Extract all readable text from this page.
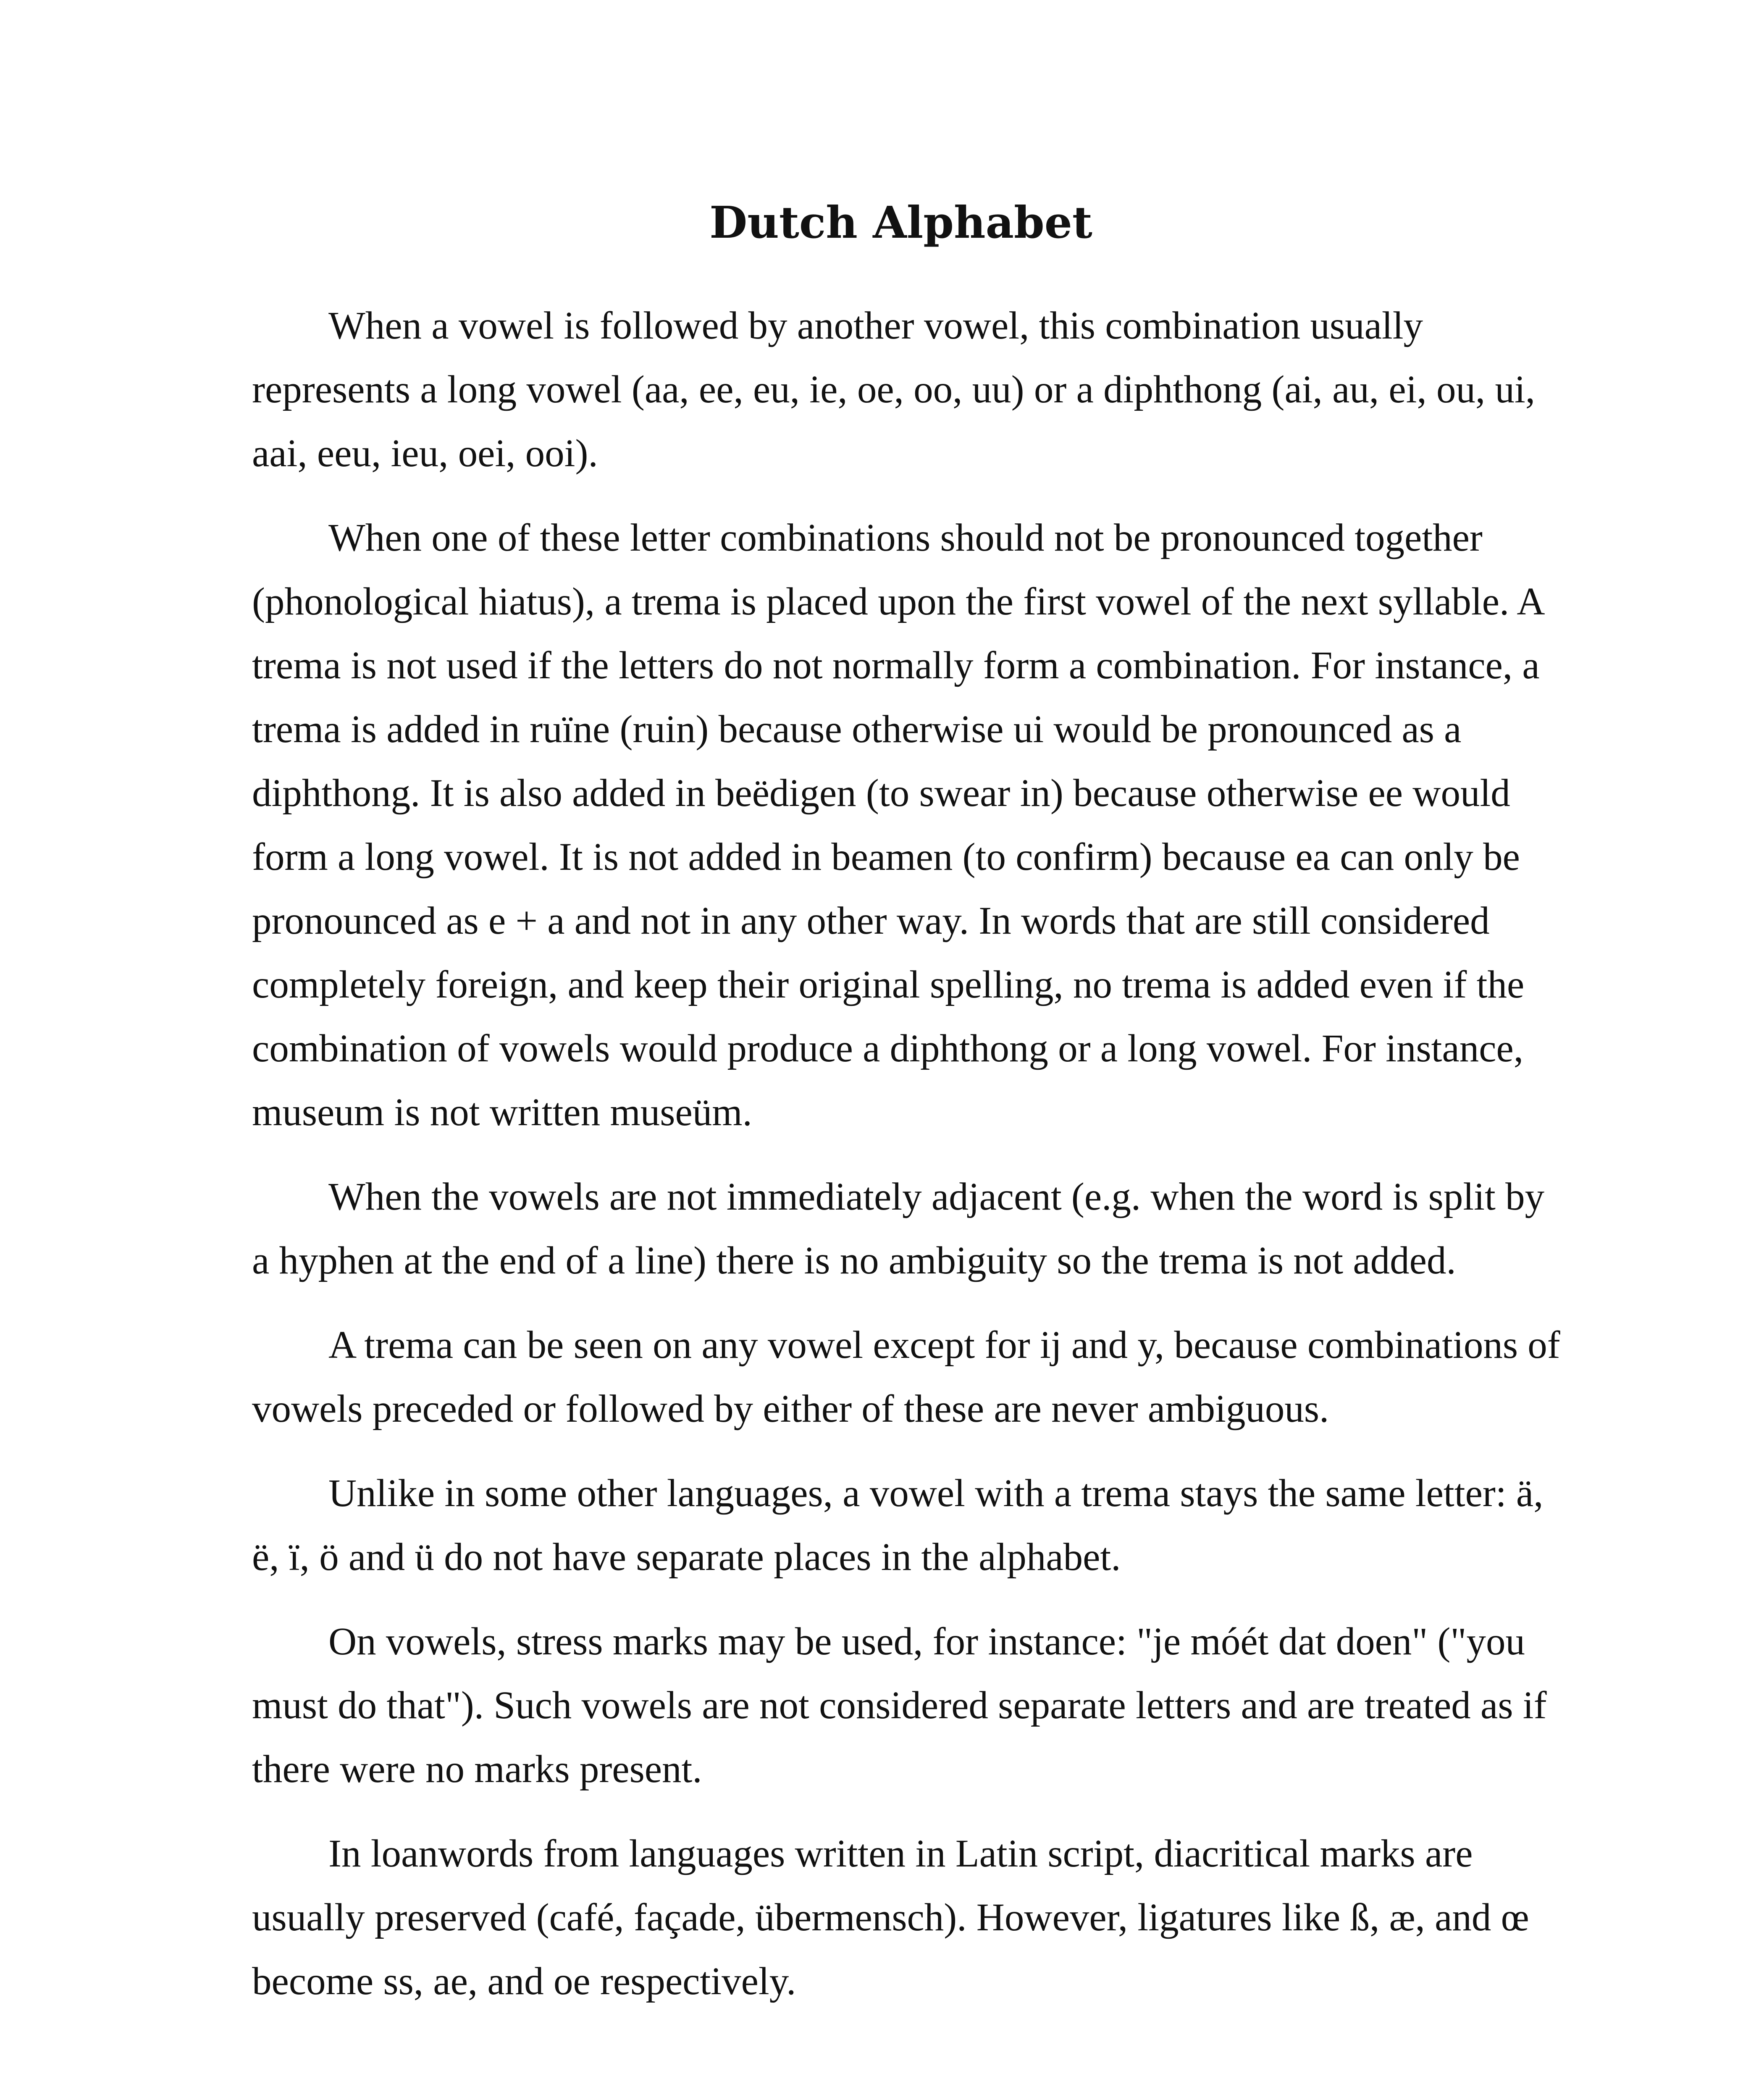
Dutch Alphabet

When a vowel is followed by another vowel, this combination usually represents a long vowel (aa, ee, eu, ie, oe, oo, uu) or a diphthong (ai, au, ei, ou, ui, aai, eeu, ieu, oei, ooi).

When one of these letter combinations should not be pronounced together (phonological hiatus), a trema is placed upon the first vowel of the next syllable. A trema is not used if the letters do not normally form a combination. For instance, a trema is added in ruïne (ruin) because otherwise ui would be pronounced as a diphthong. It is also added in beëdigen (to swear in) because otherwise ee would form a long vowel. It is not added in beamen (to confirm) because ea can only be pronounced as e + a and not in any other way. In words that are still considered completely foreign, and keep their original spelling, no trema is added even if the combination of vowels would produce a diphthong or a long vowel. For instance, museum is not written museüm.

When the vowels are not immediately adjacent (e.g. when the word is split by a hyphen at the end of a line) there is no ambiguity so the trema is not added.

A trema can be seen on any vowel except for ij and y, because combinations of vowels preceded or followed by either of these are never ambiguous.

Unlike in some other languages, a vowel with a trema stays the same letter: ä, ë, ï, ö and ü do not have separate places in the alphabet.

On vowels, stress marks may be used, for instance: "je móét dat doen" ("you must do that"). Such vowels are not considered separate letters and are treated as if there were no marks present.

In loanwords from languages written in Latin script, diacritical marks are usually preserved (café, façade, übermensch). However, ligatures like ß, æ, and œ become ss, ae, and oe respectively.
